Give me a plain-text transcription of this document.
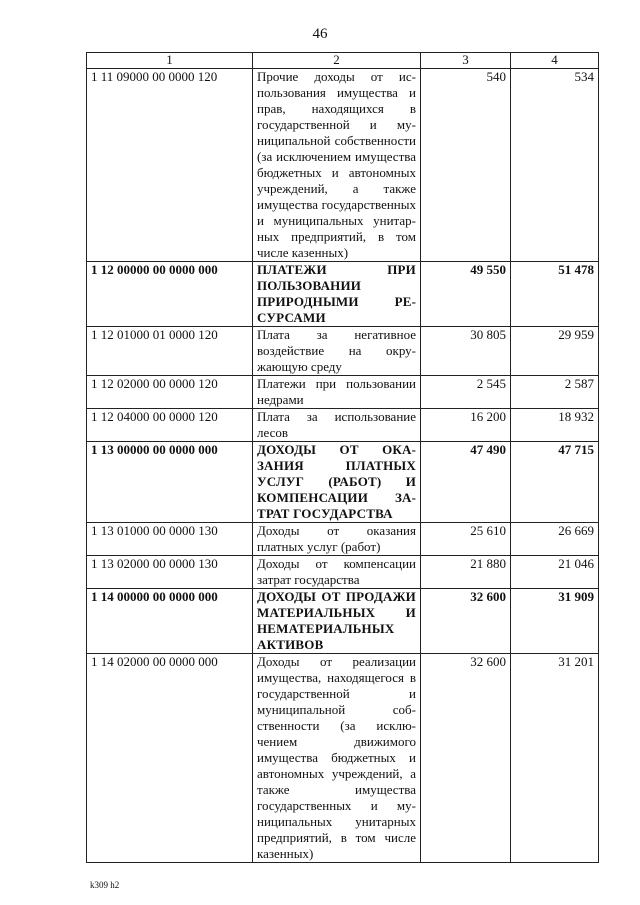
46
1	2	3	4
1 11 09000 00 0000 120	Прочие доходы от использования имущества и прав, находящихся в государственной и муниципальной собственности (за исключением имущества бюджетных и автономных учреждений, а также имущества государственных и муниципальных унитарных предприятий, в том числе казенных)	540	534
1 12 00000 00 0000 000	ПЛАТЕЖИ ПРИ ПОЛЬЗОВАНИИ ПРИРОДНЫМИ РЕСУРСАМИ	49 550	51 478
1 12 01000 01 0000 120	Плата за негативное воздействие на окружающую среду	30 805	29 959
1 12 02000 00 0000 120	Платежи при пользовании недрами	2 545	2 587
1 12 04000 00 0000 120	Плата за использование лесов	16 200	18 932
1 13 00000 00 0000 000	ДОХОДЫ ОТ ОКАЗАНИЯ ПЛАТНЫХ УСЛУГ (РАБОТ) И КОМПЕНСАЦИИ ЗАТРАТ ГОСУДАРСТВА	47 490	47 715
1 13 01000 00 0000 130	Доходы от оказания платных услуг (работ)	25 610	26 669
1 13 02000 00 0000 130	Доходы от компенсации затрат государства	21 880	21 046
1 14 00000 00 0000 000	ДОХОДЫ ОТ ПРОДАЖИ МАТЕРИАЛЬНЫХ И НЕМАТЕРИАЛЬНЫХ АКТИВОВ	32 600	31 909
1 14 02000 00 0000 000	Доходы от реализации имущества, находящегося в государственной и муниципальной собственности (за исключением движимого имущества бюджетных и автономных учреждений, а также имущества государственных и муниципальных унитарных предприятий, в том числе казенных)	32 600	31 201
k309 h2
